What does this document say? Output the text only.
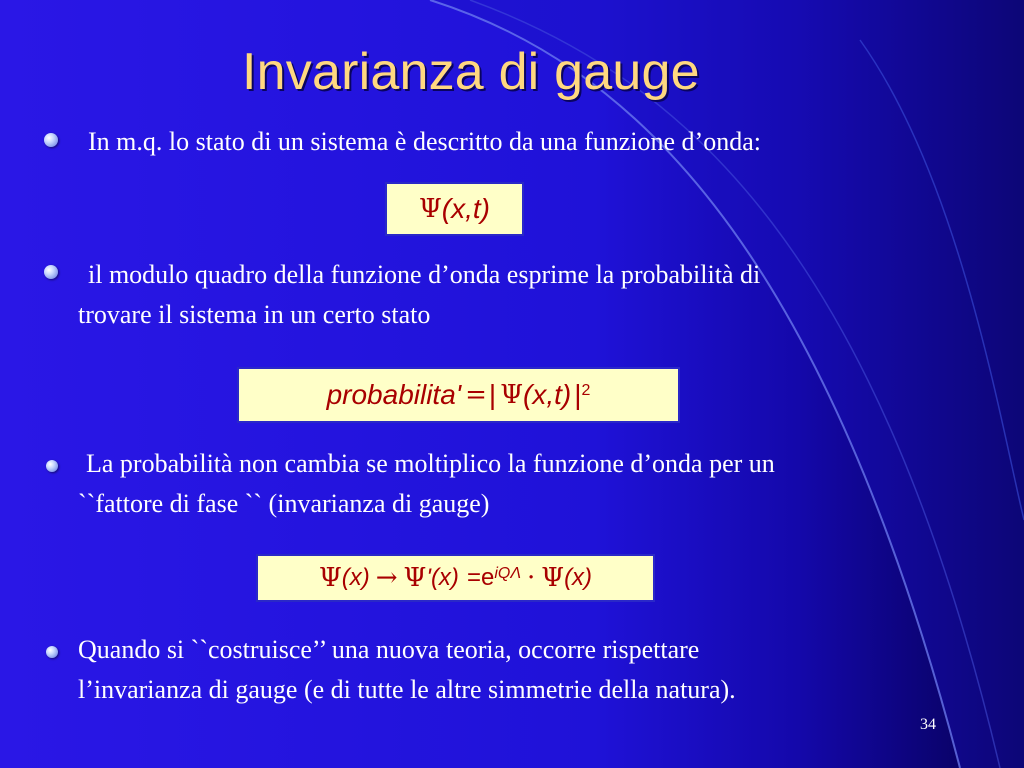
Invarianza di gauge
In m.q. lo stato di un sistema è descritto da una funzione d’onda:
Ψ (x,t)
il modulo quadro della funzione d’onda esprime la probabilità di
trovare il sistema in un certo stato
probabilita' = | Ψ (x,t) $|^2$
La probabilità non cambia se moltiplico la funzione d’onda per un
``fattore di fase `` (invarianza di gauge)
Ψ (x) → Ψ '$(x) =e^{iQ\Lambda} \cdot \Psi$ (x)
Quando si ``costruisce’’ una nuova teoria, occorre rispettare
l’invarianza di gauge (e di tutte le altre simmetrie della natura).
34
